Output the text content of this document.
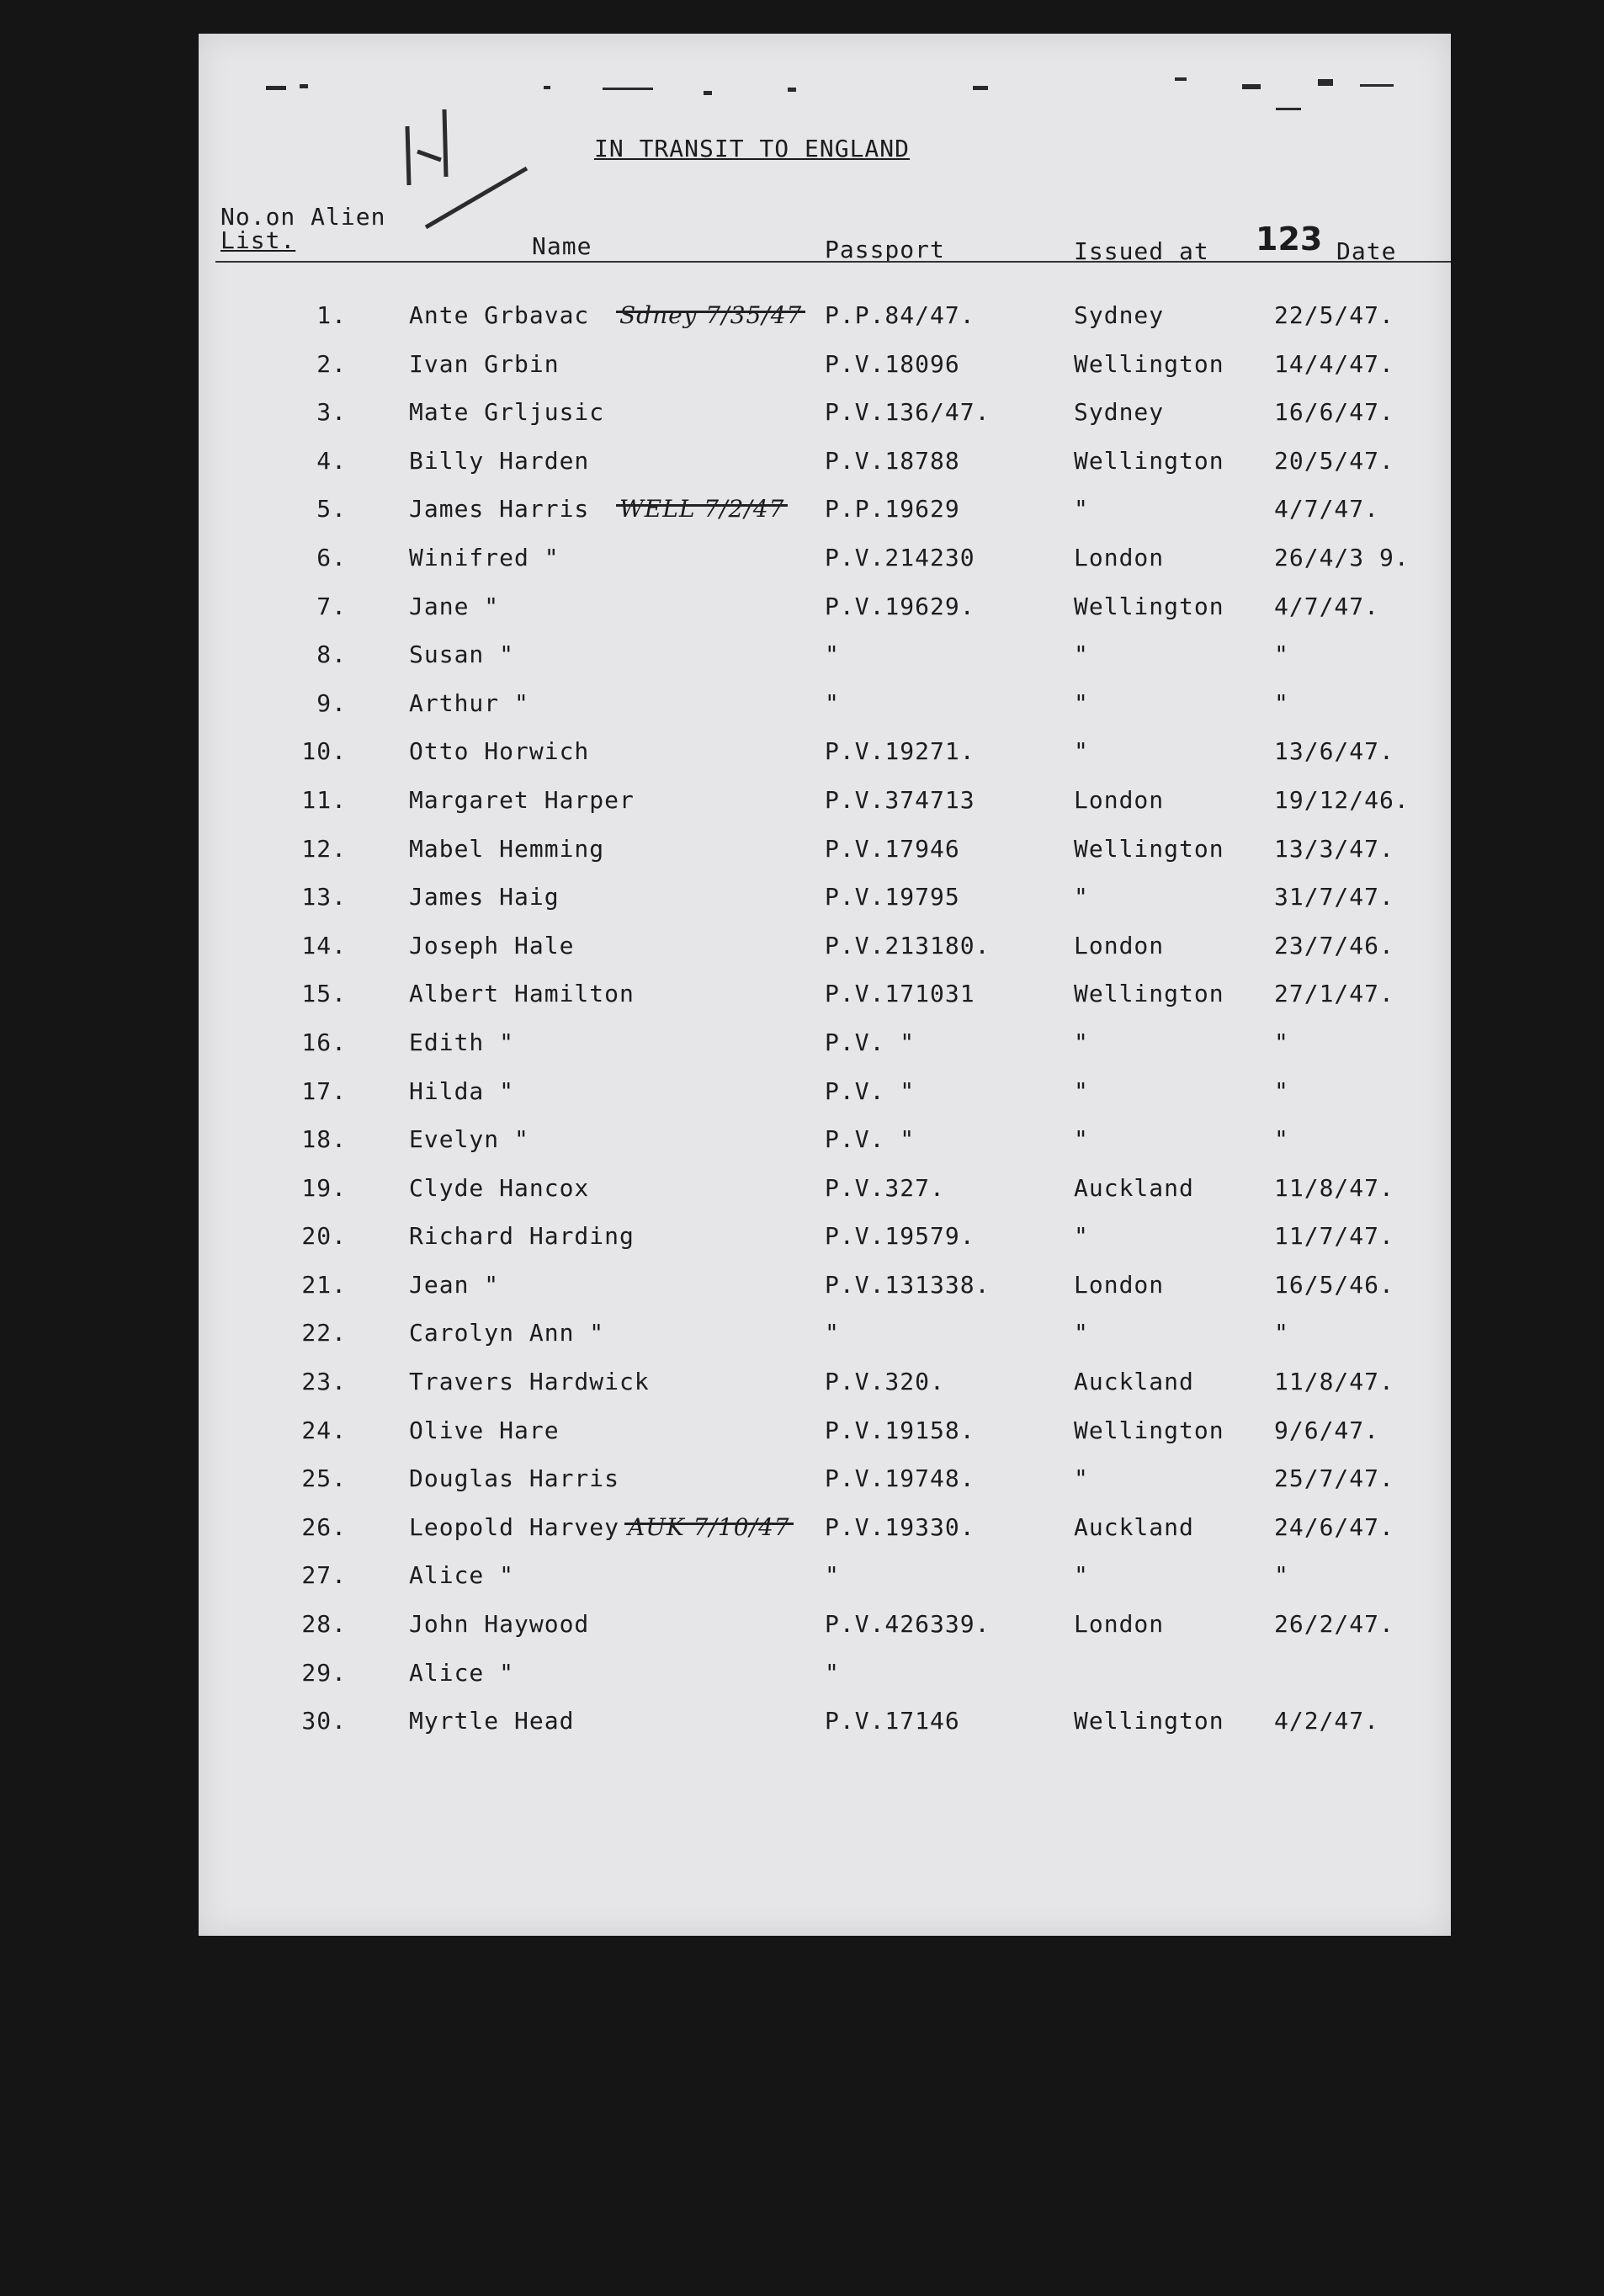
IN TRANSIT TO ENGLAND
No.on Alien
List.	Name	Passport	Issued at 123 Date
1.	Ante Grbavac	P.P.84/47.	Sydney	22/5/47.
Sdney 7/35/47
2.	Ivan Grbin	P.V.18096	Wellington 14/4/47.
3.	Mate Grljusic	P.V.136/47.	Sydney	16/6/47.
4.	Billy Harden	P.V.18788	Wellington 20/5/47.
5.	James Harris	P.P.19629	"	4/7/47.
WELL 7/2/47
6.	Winifred "	P.V.214230	London	26/4/3 9.
7.	Jane "	P.V.19629.	Wellington 4/7/47.
8.	Susan "	"	"	"
9.	Arthur "	"	"	"
10.	Otto Horwich	P.V.19271.	"	13/6/47.
11.	Margaret Harper	P.V.374713	London	19/12/46.
12.	Mabel Hemming	P.V.17946	Wellington 13/3/47.
13.	James Haig	P.V.19795	"	31/7/47.
14.	Joseph Hale	P.V.213180.	London	23/7/46.
15.	Albert Hamilton	P.V.171031	Wellington 27/1/47.
16.	Edith "	P.V. "	"	"
17.	Hilda "	P.V. "	"	"
18.	Evelyn "	P.V. "	"	"
19.	Clyde Hancox	P.V.327.	Auckland	11/8/47.
20.	Richard Harding	P.V.19579.	"	11/7/47.
21.	Jean "	P.V.131338.	London	16/5/46.
22.	Carolyn Ann "	"	"	"
23.	Travers Hardwick	P.V.320.	Auckland	11/8/47.
24.	Olive Hare	P.V.19158.	Wellington 9/6/47.
25.	Douglas Harris	P.V.19748.	"	25/7/47.
26.	Leopold Harvey	P.V.19330.	Auckland	24/6/47.
AUK 7/10/47
27.	Alice "	"	"	"
28.	John Haywood	P.V.426339.	London	26/2/47.
29.	Alice "	"
30.	Myrtle Head	P.V.17146	Wellington 4/2/47.
